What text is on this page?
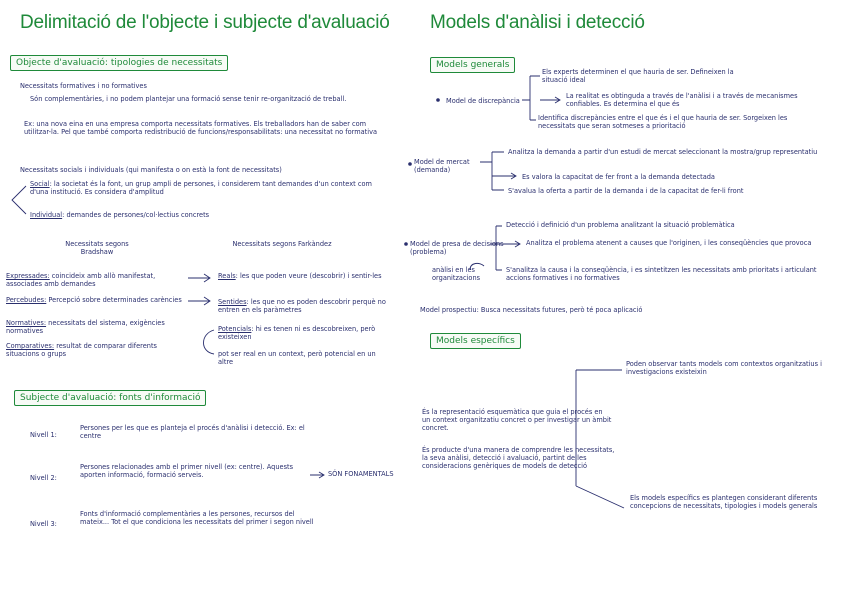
Delimitació de l'objecte i subjecte d'avaluació
Objecte d'avaluació: tipologies de necessitats
Necessitats formatives i no formatives
Són complementàries, i no podem plantejar una formació sense tenir re-organització de treball.
Ex: una nova eina en una empresa comporta necessitats formatives. Els treballadors han de saber com utilitzar-la. Pel que també comporta redistribució de funcions/responsabilitats: una necessitat no formativa
Necessitats socials i individuals (qui manifesta o on està la font de necessitats)
Social: la societat és la font, un grup ampli de persones, i considerem tant demandes d'un context com d'una institució. Es considera d'amplitud
Individual: demandes de persones/col·lectius concrets
Necessitats segons Bradshaw
Necessitats segons Farkàndez
Expressades: coincideix amb allò manifestat, associades amb demandes
Percebudes: Percepció sobre determinades carències
Normatives: necessitats del sistema, exigències normatives
Comparatives: resultat de comparar diferents situacions o grups
Reals: les que poden veure (descobrir) i sentir-les
Sentides: les que no es poden descobrir perquè no entren en els paràmetres
Potencials: hi es tenen ni es descobreixen, però existeixen
pot ser real en un context, però potencial en un altre
Subjecte d'avaluació: fonts d'informació
Nivell 1:
Persones per les que es planteja el procés d'anàlisi i detecció. Ex: el centre
Nivell 2:
Persones relacionades amb el primer nivell (ex: centre). Aquests aporten informació, formació serveis.	SÓN FONAMENTALS
Nivell 3:
Fonts d'informació complementàries a les persones, recursos del mateix... Tot el que condiciona les necessitats del primer i segon nivell
Models d'anàlisi i detecció
Models generals
Model de discrepància
Els experts determinen el que hauria de ser. Defineixen la situació ideal
La realitat es obtinguda a través de l'anàlisi i a través de mecanismes confiables. Es determina el que és
Identifica discrepàncies entre el que és i el que hauria de ser. Sorgeixen les necessitats que seran sotmeses a prioritació
Model de mercat (demanda)
Analitza la demanda a partir d'un estudi de mercat seleccionant la mostra/grup representatiu
Es valora la capacitat de fer front a la demanda detectada
S'avalua la oferta a partir de la demanda i de la capacitat de fer-li front
Model de presa de decisions (problema)
anàlisi en les organitzacions
Detecció i definició d'un problema analitzant la situació problemàtica
Analitza el problema atenent a causes que l'originen, i les conseqüències que provoca
S'analitza la causa i la conseqüència, i es sintetitzen les necessitats amb prioritats i articulant accions formatives i no formatives
Model prospectiu: Busca necessitats futures, però té poca aplicació
Models específics
Poden observar tants models com contextos organitzatius i investigacions existeixin
És la representació esquemàtica que guia el procés en un context organitzatiu concret o per investigar un àmbit concret.
És producte d'una manera de comprendre les necessitats, la seva anàlisi, detecció i avaluació, partint de les consideracions genèriques de models de detecció
Els models específics es plantegen considerant diferents concepcions de necessitats, tipologies i models generals
